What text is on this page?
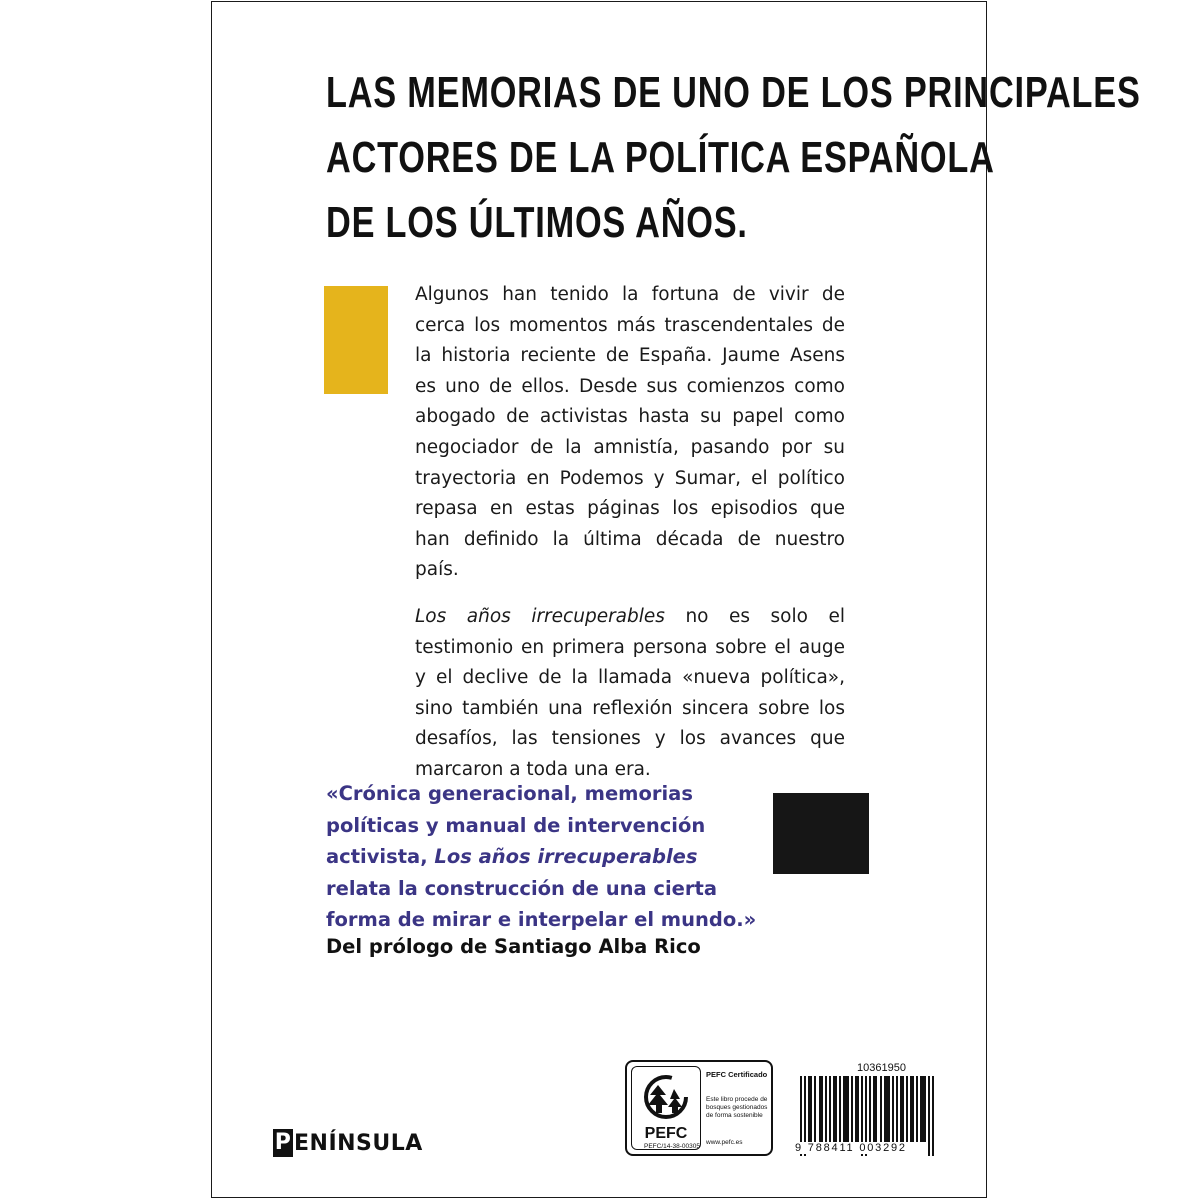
LAS MEMORIAS DE UNO DE LOS PRINCIPALES
ACTORES DE LA POLÍTICA ESPAÑOLA
DE LOS ÚLTIMOS AÑOS.

Algunos han tenido la fortuna de vivir de cerca los momentos más trascendentales de la historia reciente de España. Jaume Asens es uno de ellos. Desde sus comienzos como abogado de activistas hasta su papel como negociador de la amnistía, pasando por su trayectoria en Podemos y Sumar, el político repasa en estas páginas los episodios que han definido la última década de nuestro país.

Los años irrecuperables no es solo el testimonio en primera persona sobre el auge y el declive de la llamada «nueva política», sino también una reflexión sincera sobre los desafíos, las tensiones y los avances que marcaron a toda una era.

«Crónica generacional, memorias políticas y manual de intervención activista, Los años irrecuperables relata la construcción de una cierta forma de mirar e interpelar el mundo.»
Del prólogo de Santiago Alba Rico
P ENÍNSULA	PEFC
PEFC/14-38-00305
PEFC Certificado
Este libro procede de bosques gestionados de forma sostenible
www.pefc.es
10361950
9 788411 003292
